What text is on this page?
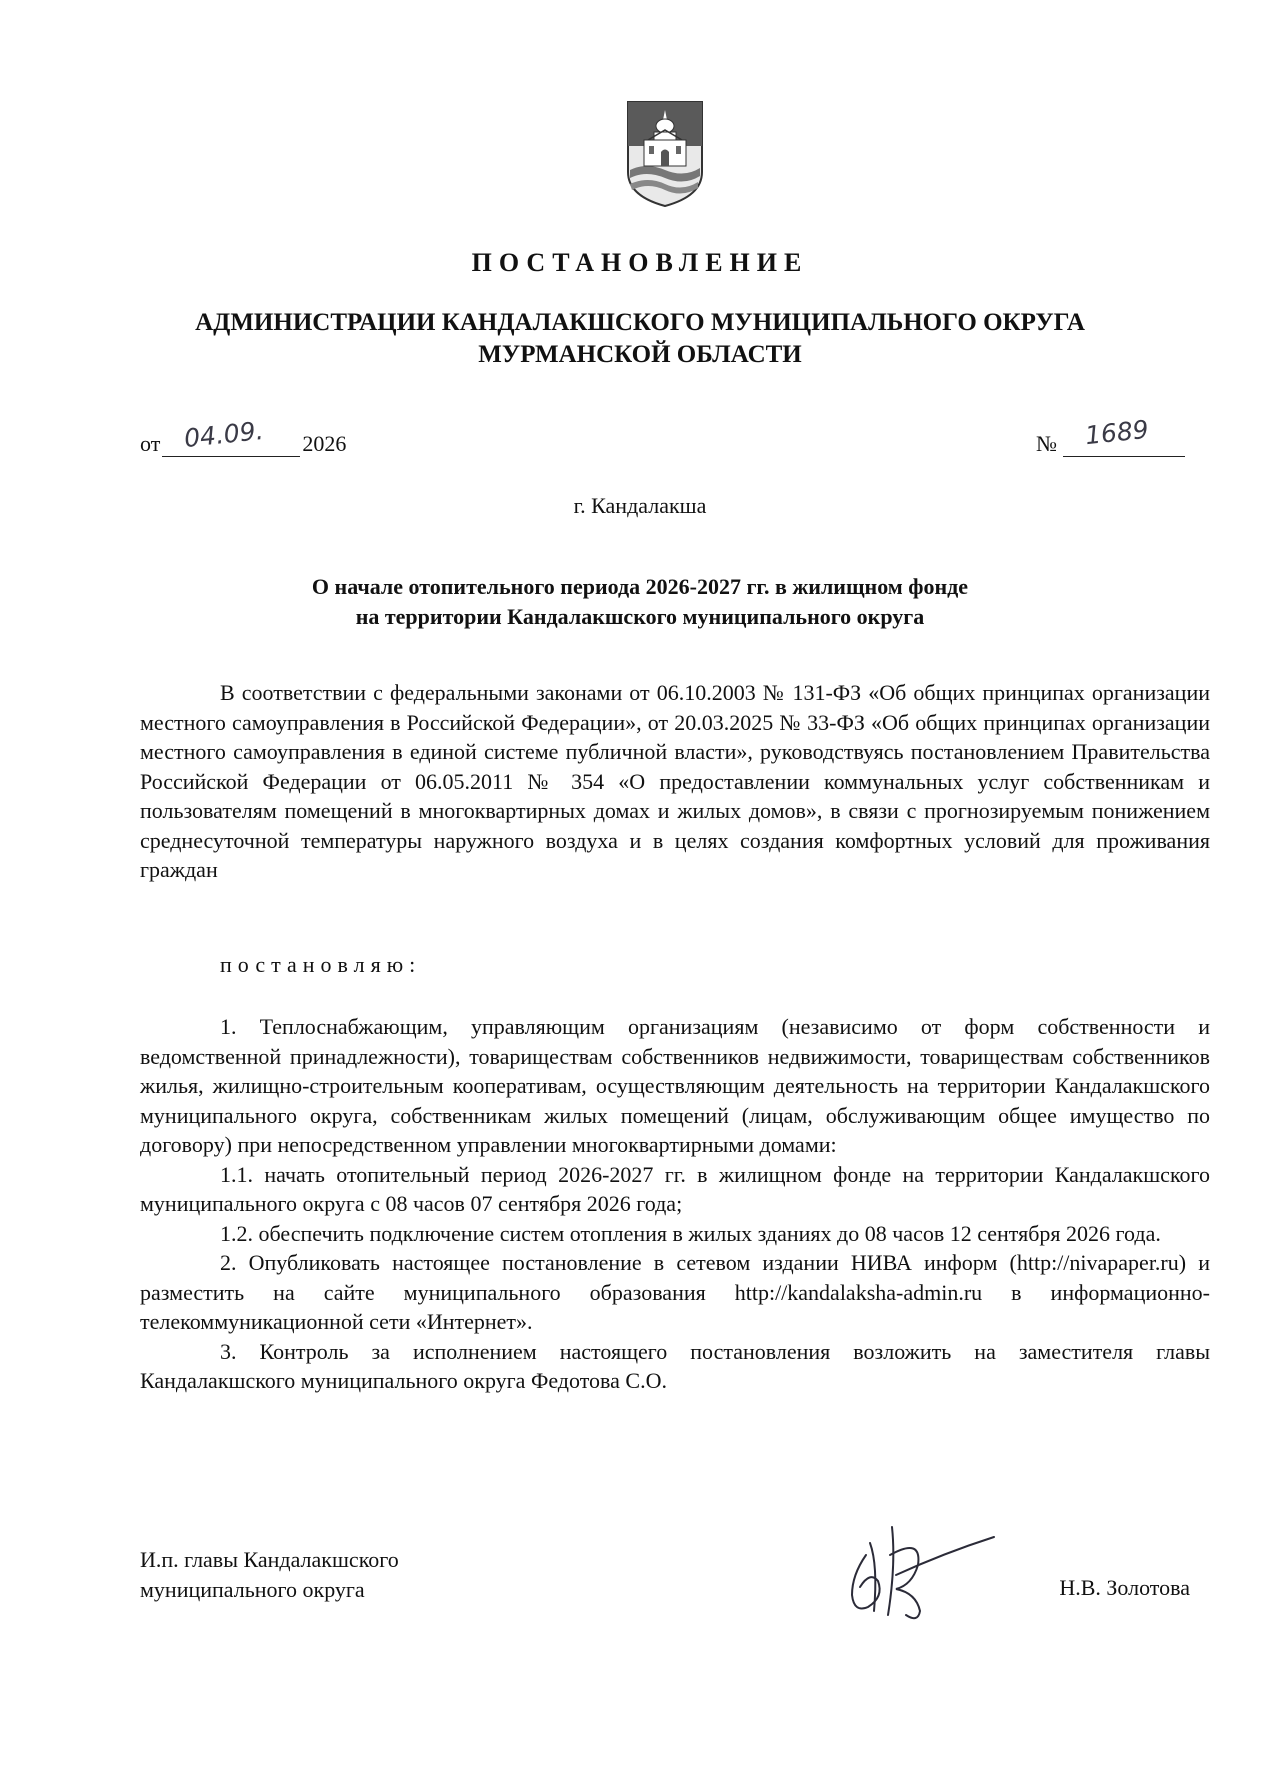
ПОСТАНОВЛЕНИЕ
АДМИНИСТРАЦИИ КАНДАЛАКШСКОГО МУНИЦИПАЛЬНОГО ОКРУГА
МУРМАНСКОЙ ОБЛАСТИ
от 04.09. 2026	№ 1689
г. Кандалакша
О начале отопительного периода 2026-2027 гг. в жилищном фонде
на территории Кандалакшского муниципального округа

В соответствии с федеральными законами от 06.10.2003 № 131-ФЗ «Об общих принципах организации местного самоуправления в Российской Федерации», от 20.03.2025 № 33-ФЗ «Об общих принципах организации местного самоуправления в единой системе публичной власти», руководствуясь постановлением Правительства Российской Федерации от 06.05.2011 № 354 «О предоставлении коммунальных услуг собственникам и пользователям помещений в многоквартирных домах и жилых домов», в связи с прогнозируемым понижением среднесуточной температуры наружного воздуха и в целях создания комфортных условий для проживания граждан

постановляю:

1. Теплоснабжающим, управляющим организациям (независимо от форм собственности и ведомственной принадлежности), товариществам собственников недвижимости, товариществам собственников жилья, жилищно-строительным кооперативам, осуществляющим деятельность на территории Кандалакшского муниципального округа, собственникам жилых помещений (лицам, обслуживающим общее имущество по договору) при непосредственном управлении многоквартирными домами:

1.1. начать отопительный период 2026-2027 гг. в жилищном фонде на территории Кандалакшского муниципального округа с 08 часов 07 сентября 2026 года;

1.2. обеспечить подключение систем отопления в жилых зданиях до 08 часов 12 сентября 2026 года.

2. Опубликовать настоящее постановление в сетевом издании НИВА информ (http://nivapaper.ru) и разместить на сайте муниципального образования http://kandalaksha-admin.ru в информационно-телекоммуникационной сети «Интернет».

3. Контроль за исполнением настоящего постановления возложить на заместителя главы Кандалакшского муниципального округа Федотова С.О.

И.п. главы Кандалакшского
муниципального округа	Н.В. Золотова
